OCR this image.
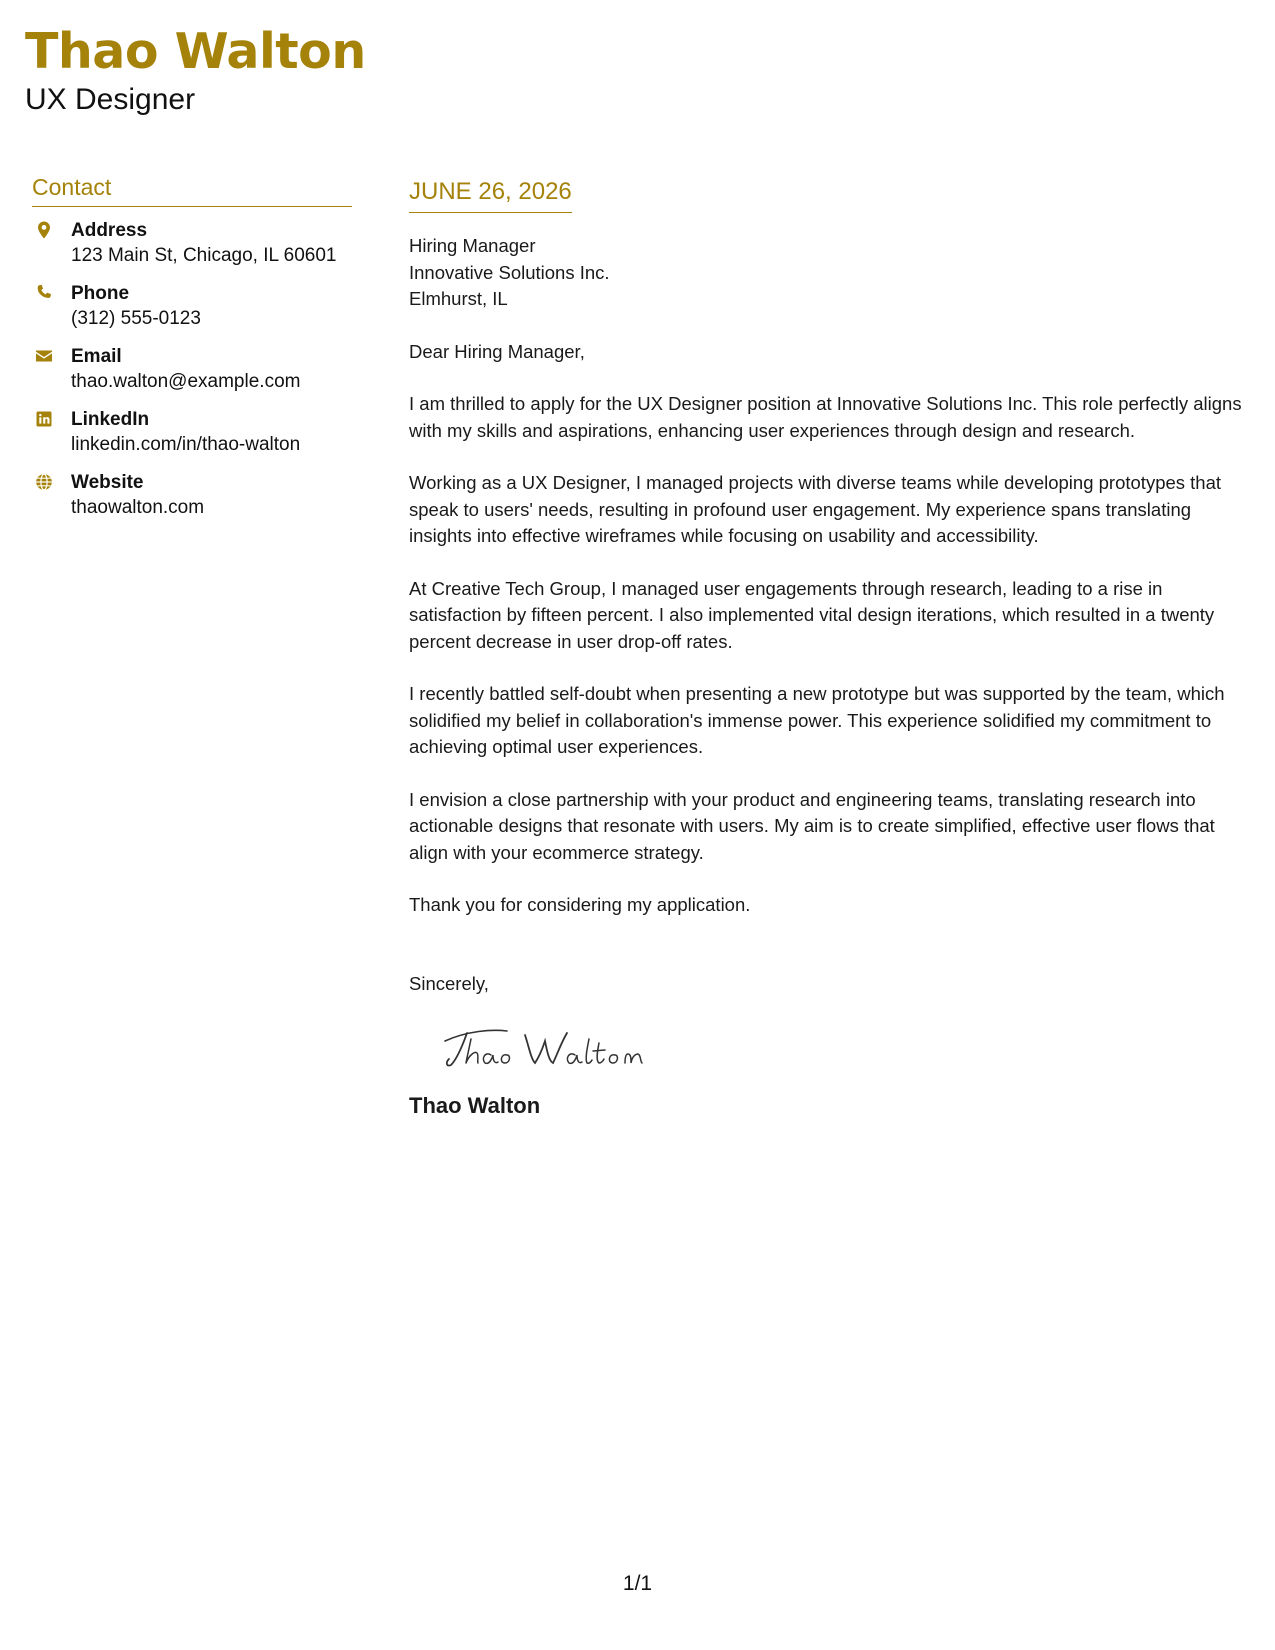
Thao Walton
UX Designer
Contact
Address
123 Main St, Chicago, IL 60601
Phone
(312) 555-0123
Email
thao.walton@example.com
LinkedIn
linkedin.com/in/thao-walton
Website
thaowalton.com
JUNE 26, 2026
Hiring Manager
Innovative Solutions Inc.
Elmhurst, IL

Dear Hiring Manager,

I am thrilled to apply for the UX Designer position at Innovative Solutions Inc. This role perfectly aligns with my skills and aspirations, enhancing user experiences through design and research.

Working as a UX Designer, I managed projects with diverse teams while developing prototypes that speak to users' needs, resulting in profound user engagement. My experience spans translating insights into effective wireframes while focusing on usability and accessibility.

At Creative Tech Group, I managed user engagements through research, leading to a rise in satisfaction by fifteen percent. I also implemented vital design iterations, which resulted in a twenty percent decrease in user drop-off rates.

I recently battled self-doubt when presenting a new prototype but was supported by the team, which solidified my belief in collaboration's immense power. This experience solidified my commitment to achieving optimal user experiences.

I envision a close partnership with your product and engineering teams, translating research into actionable designs that resonate with users. My aim is to create simplified, effective user flows that align with your ecommerce strategy.

Thank you for considering my application.

Sincerely,
Thao Walton
1/1
